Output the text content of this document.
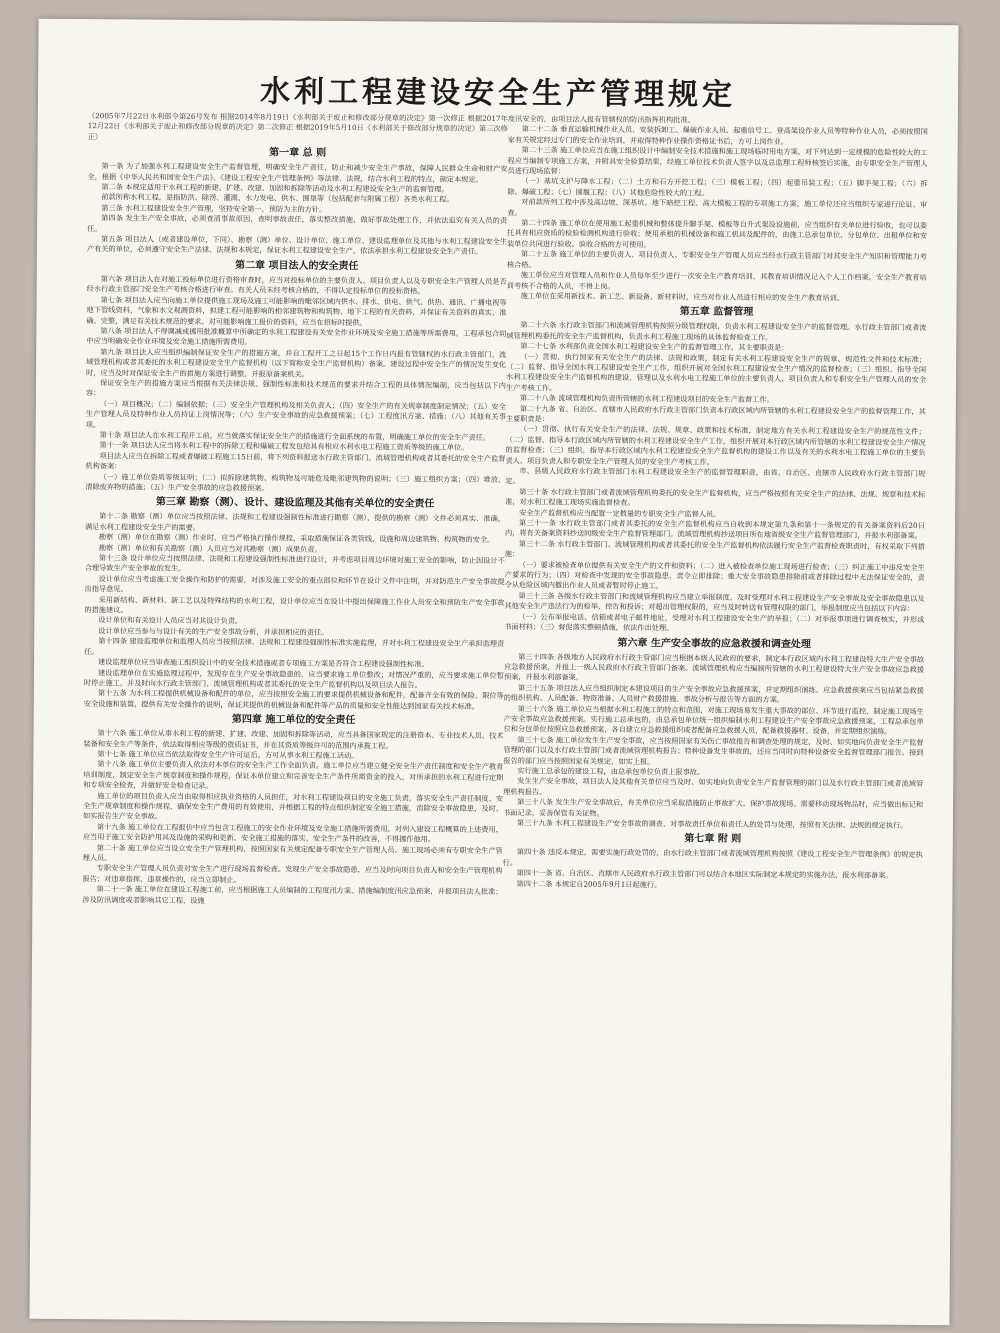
水利工程建设安全生产管理规定

（2005年7月22日水利部令第26号发布 根据2014年8月19日《水利部关于废止和修改部分规章的决定》第一次修正 根据2017年12月22日《水利部关于废止和修改部分规章的决定》第二次修正 根据2019年5月10日《水利部关于修改部分规章的决定》第三次修正）

第一章 总 则

第一条 为了加强水利工程建设安全生产监督管理，明确安全生产责任，防止和减少安全生产事故，保障人民群众生命和财产安全，根据《中华人民共和国安全生产法》、《建设工程安全生产管理条例》等法律、法规，结合水利工程的特点，制定本规定。

第二条 本规定适用于水利工程的新建、扩建、改建、加固和拆除等活动及水利工程建设安全生产的监督管理。

前款所称水利工程，是指防洪、除涝、灌溉、水力发电、供水、围垦等（包括配套与附属工程）各类水利工程。

第三条 水利工程建设安全生产管理，坚持安全第一，预防为主的方针。

第四条 发生生产安全事故，必须查清事故原因，查明事故责任，落实整改措施，做好事故处理工作，并依法追究有关人员的责任。

第五条 项目法人（或者建设单位，下同）、勘察（测）单位、设计单位、施工单位、建设监理单位及其他与水利工程建设安全生产有关的单位，必须遵守安全生产法律、法规和本规定，保证水利工程建设安全生产，依法承担水利工程建设安全生产责任。

第二章 项目法人的安全责任

第六条 项目法人在对施工投标单位进行资格审查时，应当对投标单位的主要负责人、项目负责人以及专职安全生产管理人员是否经水行政主管部门安全生产考核合格进行审查。有关人员未经考核合格的，不得认定投标单位的投标资格。

第七条 项目法人应当向施工单位提供施工现场及施工可能影响的毗邻区域内供水、排水、供电、供气、供热、通讯、广播电视等地下管线资料，气象和水文观测资料，拟建工程可能影响的相邻建筑物和构筑物、地下工程的有关资料，并保证有关资料的真实、准确、完整，满足有关技术规范的要求。对可能影响施工报价的资料，应当在招标时提供。

第八条 项目法人不得调减或挪用批准概算中所确定的水利工程建设有关安全作业环境及安全施工措施等所需费用。工程承包合同中应当明确安全作业环境及安全施工措施所需费用。

第九条 项目法人应当组织编制保证安全生产的措施方案，并自工程开工之日起15个工作日内报有管辖权的水行政主管部门、流域管理机构或者其委托的水利工程建设安全生产监督机构（以下简称安全生产监督机构）备案。建设过程中安全生产的情况发生变化时，应当及时对保证安全生产的措施方案进行调整，并报原备案机关。

保证安全生产的措施方案应当根据有关法律法规、强制性标准和技术规范的要求并结合工程的具体情况编制，应当包括以下内容：

（一）项目概况；（二）编制依据；（三）安全生产管理机构及相关负责人；（四）安全生产的有关规章制度制定情况；（五）安全生产管理人员及特种作业人员持证上岗情况等；（六）生产安全事故的应急救援预案；（七）工程度汛方案、措施；（八）其他有关事项。

第十条 项目法人在水利工程开工前，应当就落实保证安全生产的措施进行全面系统的布置，明确施工单位的安全生产责任。

第十一条 项目法人应当将水利工程中的拆除工程和爆破工程发包给具有相应水利水电工程施工资质等级的施工单位。

项目法人应当在拆除工程或者爆破工程施工15日前，将下列资料报送水行政主管部门、流域管理机构或者其委托的安全生产监督机构备案：

（一）施工单位资质等级证明；（二）拟拆除建筑物、构筑物及可能危及毗邻建筑物的说明；（三）施工组织方案；（四）堆放、清除废弃物的措施；（五）生产安全事故的应急救援预案。

第三章 勘察（测）、设计、建设监理及其他有关单位的安全责任

第十二条 勘察（测）单位应当按照法律、法规和工程建设强制性标准进行勘察（测），提供的勘察（测）文件必须真实、准确，满足水利工程建设安全生产的需要。

勘察（测）单位在勘察（测）作业时，应当严格执行操作规程，采取措施保证各类管线、设施和周边建筑物、构筑物的安全。

勘察（测）单位和有关勘察（测）人员应当对其勘察（测）成果负责。

第十三条 设计单位应当按照法律、法规和工程建设强制性标准进行设计，并考虑项目周边环境对施工安全的影响，防止因设计不合理导致生产安全事故的发生。

设计单位应当考虑施工安全操作和防护的需要，对涉及施工安全的重点部位和环节在设计文件中注明，并对防范生产安全事故提出指导意见。

采用新结构、新材料、新工艺以及特殊结构的水利工程，设计单位应当在设计中提出保障施工作业人员安全和预防生产安全事故的措施建议。

设计单位和有关设计人员应当对其设计负责。

设计单位应当参与与设计有关的生产安全事故分析，并承担相应的责任。

第十四条 建设监理单位和监理人员应当按照法律、法规和工程建设强制性标准实施监理，并对水利工程建设安全生产承担监理责任。

建设监理单位应当审查施工组织设计中的安全技术措施或者专项施工方案是否符合工程建设强制性标准。

建设监理单位在实施监理过程中，发现存在生产安全事故隐患的，应当要求施工单位整改；对情况严重的，应当要求施工单位暂时停止施工，并及时向水行政主管部门、流域管理机构或者其委托的安全生产监督机构以及项目法人报告。

第十五条 为水利工程提供机械设备和配件的单位，应当按照安全施工的要求提供机械设备和配件，配备齐全有效的保险、限位等安全设施和装置，提供有关安全操作的说明，保证其提供的机械设备和配件等产品的质量和安全性能达到国家有关技术标准。

第四章 施工单位的安全责任

第十六条 施工单位从事水利工程的新建、扩建、改建、加固和拆除等活动，应当具备国家规定的注册资本、专业技术人员、技术装备和安全生产等条件，依法取得相应等级的资质证书，并在其资质等级许可的范围内承揽工程。

第十七条 施工单位应当依法取得安全生产许可证后，方可从事水利工程施工活动。

第十八条 施工单位主要负责人依法对本单位的安全生产工作全面负责。施工单位应当建立健全安全生产责任制度和安全生产教育培训制度，制定安全生产规章制度和操作规程，保证本单位建立和完善安全生产条件所需资金的投入，对所承担的水利工程进行定期和专项安全检查，并做好安全检查记录。

施工单位的项目负责人应当由取得相应执业资格的人员担任，对水利工程建设项目的安全施工负责，落实安全生产责任制度、安全生产规章制度和操作规程，确保安全生产费用的有效使用，并根据工程的特点组织制定安全施工措施，消除安全事故隐患，及时、如实报告生产安全事故。

第十九条 施工单位在工程报价中应当包含工程施工的安全作业环境及安全施工措施所需费用。对列入建设工程概算的上述费用，应当用于施工安全防护用具及设施的采购和更新、安全施工措施的落实、安全生产条件的改善，不得挪作他用。

第二十条 施工单位应当设立安全生产管理机构，按照国家有关规定配备专职安全生产管理人员。施工现场必须有专职安全生产管理人员。

专职安全生产管理人员负责对安全生产进行现场监督检查。发现生产安全事故隐患，应当及时向项目负责人和安全生产管理机构报告；对违章指挥、违章操作的，应当立即制止。

第二十一条 施工单位在建设工程施工前，应当根据施工人员编制的工程度汛方案、措施编制度汛应急预案，并报项目法人批准；涉及防汛调度或者影响其它工程、设施

度汛安全的，由项目法人报有管辖权的防汛指挥机构批准。

第二十二条 垂直运输机械作业人员、安装拆卸工、爆破作业人员、起重信号工、登高架设作业人员等特种作业人员，必须按照国家有关规定经过专门的安全作业培训，并取得特种作业操作资格证书后，方可上岗作业。

第二十三条 施工单位应当在施工组织设计中编制安全技术措施和施工现场临时用电方案，对下列达到一定规模的危险性较大的工程应当编制专项施工方案，并附具安全验算结果，经施工单位技术负责人签字以及总监理工程师核签后实施，由专职安全生产管理人员进行现场监督：

（一）基坑支护与降水工程；（二）土方和石方开挖工程；（三）模板工程；（四）起重吊装工程；（五）脚手架工程；（六）拆除、爆破工程；（七）围堰工程；（八）其他危险性较大的工程。

对前款所列工程中涉及高边坡、深基坑、地下暗挖工程、高大模板工程的专项施工方案，施工单位还应当组织专家进行论证、审查。

第二十四条 施工单位在使用施工起重机械和整体提升脚手架、模板等自升式架设设施前，应当组织有关单位进行验收，也可以委托具有相应资质的检验检测机构进行验收；使用承租的机械设备和施工机具及配件的，由施工总承包单位、分包单位、出租单位和安装单位共同进行验收。验收合格的方可使用。

第二十五条 施工单位的主要负责人、项目负责人、专职安全生产管理人员应当经水行政主管部门对其安全生产知识和管理能力考核合格。

施工单位应当对管理人员和作业人员每年至少进行一次安全生产教育培训，其教育培训情况记入个人工作档案。安全生产教育培训考核不合格的人员，不得上岗。

施工单位在采用新技术、新工艺、新设备、新材料时，应当对作业人员进行相应的安全生产教育培训。

第五章 监督管理

第二十六条 水行政主管部门和流域管理机构按照分级管理权限，负责水利工程建设安全生产的监督管理。水行政主管部门或者流域管理机构委托的安全生产监督机构，负责水利工程施工现场的具体监督检查工作。

第二十七条 水利部负责全国水利工程建设安全生产的监督管理工作，其主要职责是：

（一）贯彻、执行国家有关安全生产的法律、法规和政策，制定有关水利工程建设安全生产的规章、规范性文件和技术标准；（二）监督、指导全国水利工程建设安全生产工作，组织开展对全国水利工程建设安全生产情况的监督检查；（三）组织、指导全国水利工程建设安全生产监督机构的建设、管理以及水利水电工程施工单位的主要负责人、项目负责人和专职安全生产管理人员的安全生产考核工作。

第二十八条 流域管理机构负责所管辖的水利工程建设项目的安全生产监督工作。

第二十九条 省、自治区、直辖市人民政府水行政主管部门负责本行政区域内所管辖的水利工程建设安全生产的监督管理工作，其主要职责是：

（一）贯彻、执行有关安全生产的法律、法规、规章、政策和技术标准，制定地方有关水利工程建设安全生产的规范性文件；（二）监督、指导本行政区域内所管辖的水利工程建设安全生产工作，组织开展对本行政区域内所管辖的水利工程建设安全生产情况的监督检查；（三）组织、指导本行政区域内水利工程建设安全生产监督机构的建设工作以及有关的水利水电工程施工单位的主要负责人、项目负责人和专职安全生产管理人员的安全生产考核工作。

市、县级人民政府水行政主管部门水利工程建设安全生产的监督管理职责，由省、自治区、直辖市人民政府水行政主管部门规定。

第三十条 水行政主管部门或者流域管理机构委托的安全生产监督机构，应当严格按照有关安全生产的法律、法规、规章和技术标准，对水利工程施工现场实施监督检查。

安全生产监督机构应当配置一定数量的专职安全生产监督人员。

第三十一条 水行政主管部门或者其委托的安全生产监督机构应当自收到本规定第九条和第十一条规定的有关备案资料后20日内，将有关备案资料抄送同级安全生产监督管理部门。流域管理机构抄送项目所在地省级安全生产监督管理部门，并报水利部备案。

第三十二条 水行政主管部门、流域管理机构或者其委托的安全生产监督机构依法履行安全生产监督检查职责时，有权采取下列措施：

（一）要求被检查单位提供有关安全生产的文件和资料；（二）进入被检查单位施工现场进行检查；（三）纠正施工中违反安全生产要求的行为；（四）对检查中发现的安全事故隐患，责令立即排除；重大安全事故隐患排除前或者排除过程中无法保证安全的，责令从危险区域内撤出作业人员或者暂时停止施工。

第三十三条 各级水行政主管部门和流域管理机构应当建立举报制度，及时受理对水利工程建设生产安全事故及安全事故隐患以及其他安全生产违法行为的检举、控告和投诉；对超出管理权限的，应当及时转送有管理权限的部门。举报制度应当包括以下内容：

（一）公布举报电话、信箱或者电子邮件地址，受理对水利工程建设安全生产的举报；（二）对举报事项进行调查核实，并形成书面材料；（三）督促落实整顿措施，依法作出处理。

第六章 生产安全事故的应急救援和调查处理

第三十四条 各级地方人民政府水行政主管部门应当根据本级人民政府的要求，制定本行政区域内水利工程建设特大生产安全事故应急救援预案，并报上一级人民政府水行政主管部门备案。流域管理机构应当编制所管辖的水利工程建设特大生产安全事故应急救援预案，并报水利部备案。

第三十五条 项目法人应当组织制定本建设项目的生产安全事故应急救援预案，并定期组织演练。应急救援预案应当包括紧急救援的组织机构、人员配备、物资准备、人员财产救援措施、事故分析与报告等方面的方案。

第三十六条 施工单位应当根据水利工程施工的特点和范围，对施工现场易发生重大事故的部位、环节进行监控，制定施工现场生产安全事故应急救援预案。实行施工总承包的，由总承包单位统一组织编制水利工程建设生产安全事故应急救援预案，工程总承包单位和分包单位按照应急救援预案，各自建立应急救援组织或者配备应急救援人员，配备救援器材、设备，并定期组织演练。

第三十七条 施工单位发生生产安全事故，应当按照国家有关伤亡事故报告和调查处理的规定，及时、如实地向负责安全生产监督管理的部门以及水行政主管部门或者流域管理机构报告；特种设备发生事故的，还应当同时向特种设备安全监督管理部门报告。接到报告的部门应当按照国家有关规定，如实上报。

实行施工总承包的建设工程，由总承包单位负责上报事故。

发生生产安全事故，项目法人及其他有关单位应当及时、如实地向负责安全生产监督管理的部门以及水行政主管部门或者流域管理机构报告。

第三十八条 发生生产安全事故后，有关单位应当采取措施防止事故扩大，保护事故现场。需要移动现场物品时，应当做出标记和书面记录，妥善保管有关证物。

第三十九条 水利工程建设生产安全事故的调查、对事故责任单位和责任人的处罚与处理，按照有关法律、法规的规定执行。

第七章 附 则

第四十条 违反本规定，需要实施行政处罚的，由水行政主管部门或者流域管理机构按照《建设工程安全生产管理条例》的规定执行。

第四十一条 省、自治区、直辖市人民政府水行政主管部门可以结合本地区实际制定本规定的实施办法，报水利部备案。

第四十二条 本规定自2005年9月1日起施行。
